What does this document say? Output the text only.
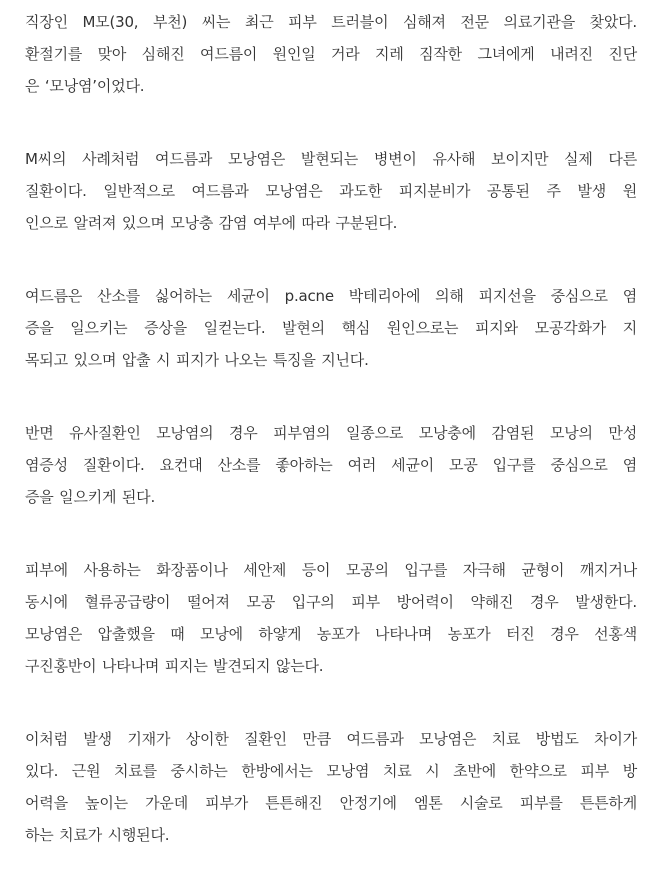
직장인 M모(30, 부천) 씨는 최근 피부 트러블이 심해져 전문 의료기관을 찾았다.
환절기를 맞아 심해진 여드름이 원인일 거라 지레 짐작한 그녀에게 내려진 진단
은 ‘모낭염’이었다.
M씨의 사례처럼 여드름과 모낭염은 발현되는 병변이 유사해 보이지만 실제 다른
질환이다. 일반적으로 여드름과 모낭염은 과도한 피지분비가 공통된 주 발생 원
인으로 알려져 있으며 모낭충 감염 여부에 따라 구분된다.
여드름은 산소를 싫어하는 세균이 p.acne 박테리아에 의해 피지선을 중심으로 염
증을 일으키는 증상을 일컫는다. 발현의 핵심 원인으로는 피지와 모공각화가 지
목되고 있으며 압출 시 피지가 나오는 특징을 지닌다.
반면 유사질환인 모낭염의 경우 피부염의 일종으로 모낭충에 감염된 모낭의 만성
염증성 질환이다. 요컨대 산소를 좋아하는 여러 세균이 모공 입구를 중심으로 염
증을 일으키게 된다.
피부에 사용하는 화장품이나 세안제 등이 모공의 입구를 자극해 균형이 깨지거나
동시에 혈류공급량이 떨어져 모공 입구의 피부 방어력이 약해진 경우 발생한다.
모낭염은 압출했을 때 모낭에 하얗게 농포가 나타나며 농포가 터진 경우 선홍색
구진홍반이 나타나며 피지는 발견되지 않는다.
이처럼 발생 기재가 상이한 질환인 만큼 여드름과 모낭염은 치료 방법도 차이가
있다. 근원 치료를 중시하는 한방에서는 모낭염 치료 시 초반에 한약으로 피부 방
어력을 높이는 가운데 피부가 튼튼해진 안정기에 엠톤 시술로 피부를 튼튼하게
하는 치료가 시행된다.
